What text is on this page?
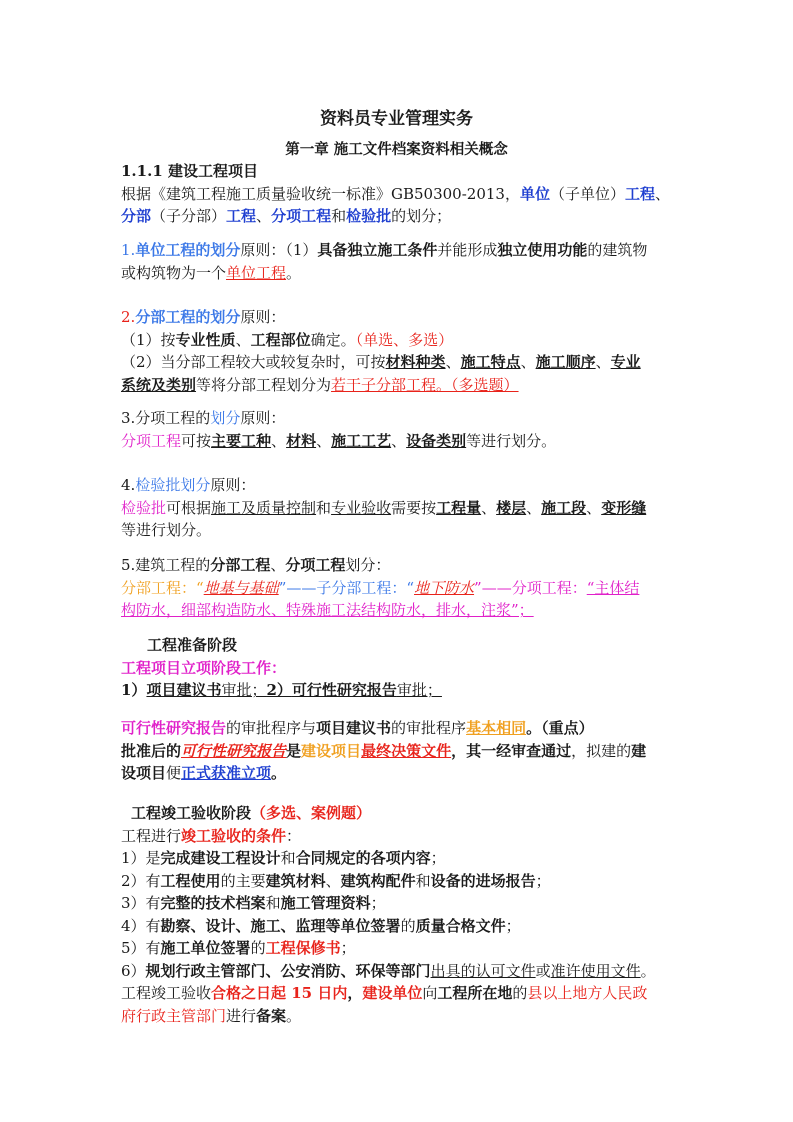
资料员专业管理实务
第一章 施工文件档案资料相关概念

1.1.1 建设工程项目

根据《建筑工程施工质量验收统一标准》GB50300-2013，单位（子单位）工程、

分部（子分部）工程、分项工程和检验批的划分；

1.单位工程的划分原则：（1）具备独立施工条件并能形成独立使用功能的建筑物

或构筑物为一个单位工程。

2.分部工程的划分原则：

（1）按专业性质、工程部位确定。（单选、多选）

（2）当分部工程较大或较复杂时，可按材料种类、施工特点、施工顺序、专业

系统及类别等将分部工程划分为若干子分部工程。（多选题）

3.分项工程的划分原则：

分项工程可按主要工种、材料、施工工艺、设备类别等进行划分。

4.检验批划分原则：

检验批可根据施工及质量控制和专业验收需要按工程量、楼层、施工段、变形缝

等进行划分。

5.建筑工程的分部工程、分项工程划分：

分部工程：“地基与基础”——子分部工程：“地下防水”——分项工程：“主体结

构防水，细部构造防水、特殊施工法结构防水，排水，注浆”；

工程准备阶段

工程项目立项阶段工作：

1）项目建议书审批；2）可行性研究报告审批；

可行性研究报告的审批程序与项目建议书的审批程序基本相同。（重点）

批准后的可行性研究报告是建设项目最终决策文件，其一经审查通过，拟建的建

设项目便正式获准立项。

工程竣工验收阶段（多选、案例题）

工程进行竣工验收的条件：

1）是完成建设工程设计和合同规定的各项内容；

2）有工程使用的主要建筑材料、建筑构配件和设备的进场报告；

3）有完整的技术档案和施工管理资料；

4）有勘察、设计、施工、监理等单位签署的质量合格文件；

5）有施工单位签署的工程保修书；

6）规划行政主管部门、公安消防、环保等部门出具的认可文件或准许使用文件。

工程竣工验收合格之日起 15 日内，建设单位向工程所在地的县以上地方人民政

府行政主管部门进行备案。
